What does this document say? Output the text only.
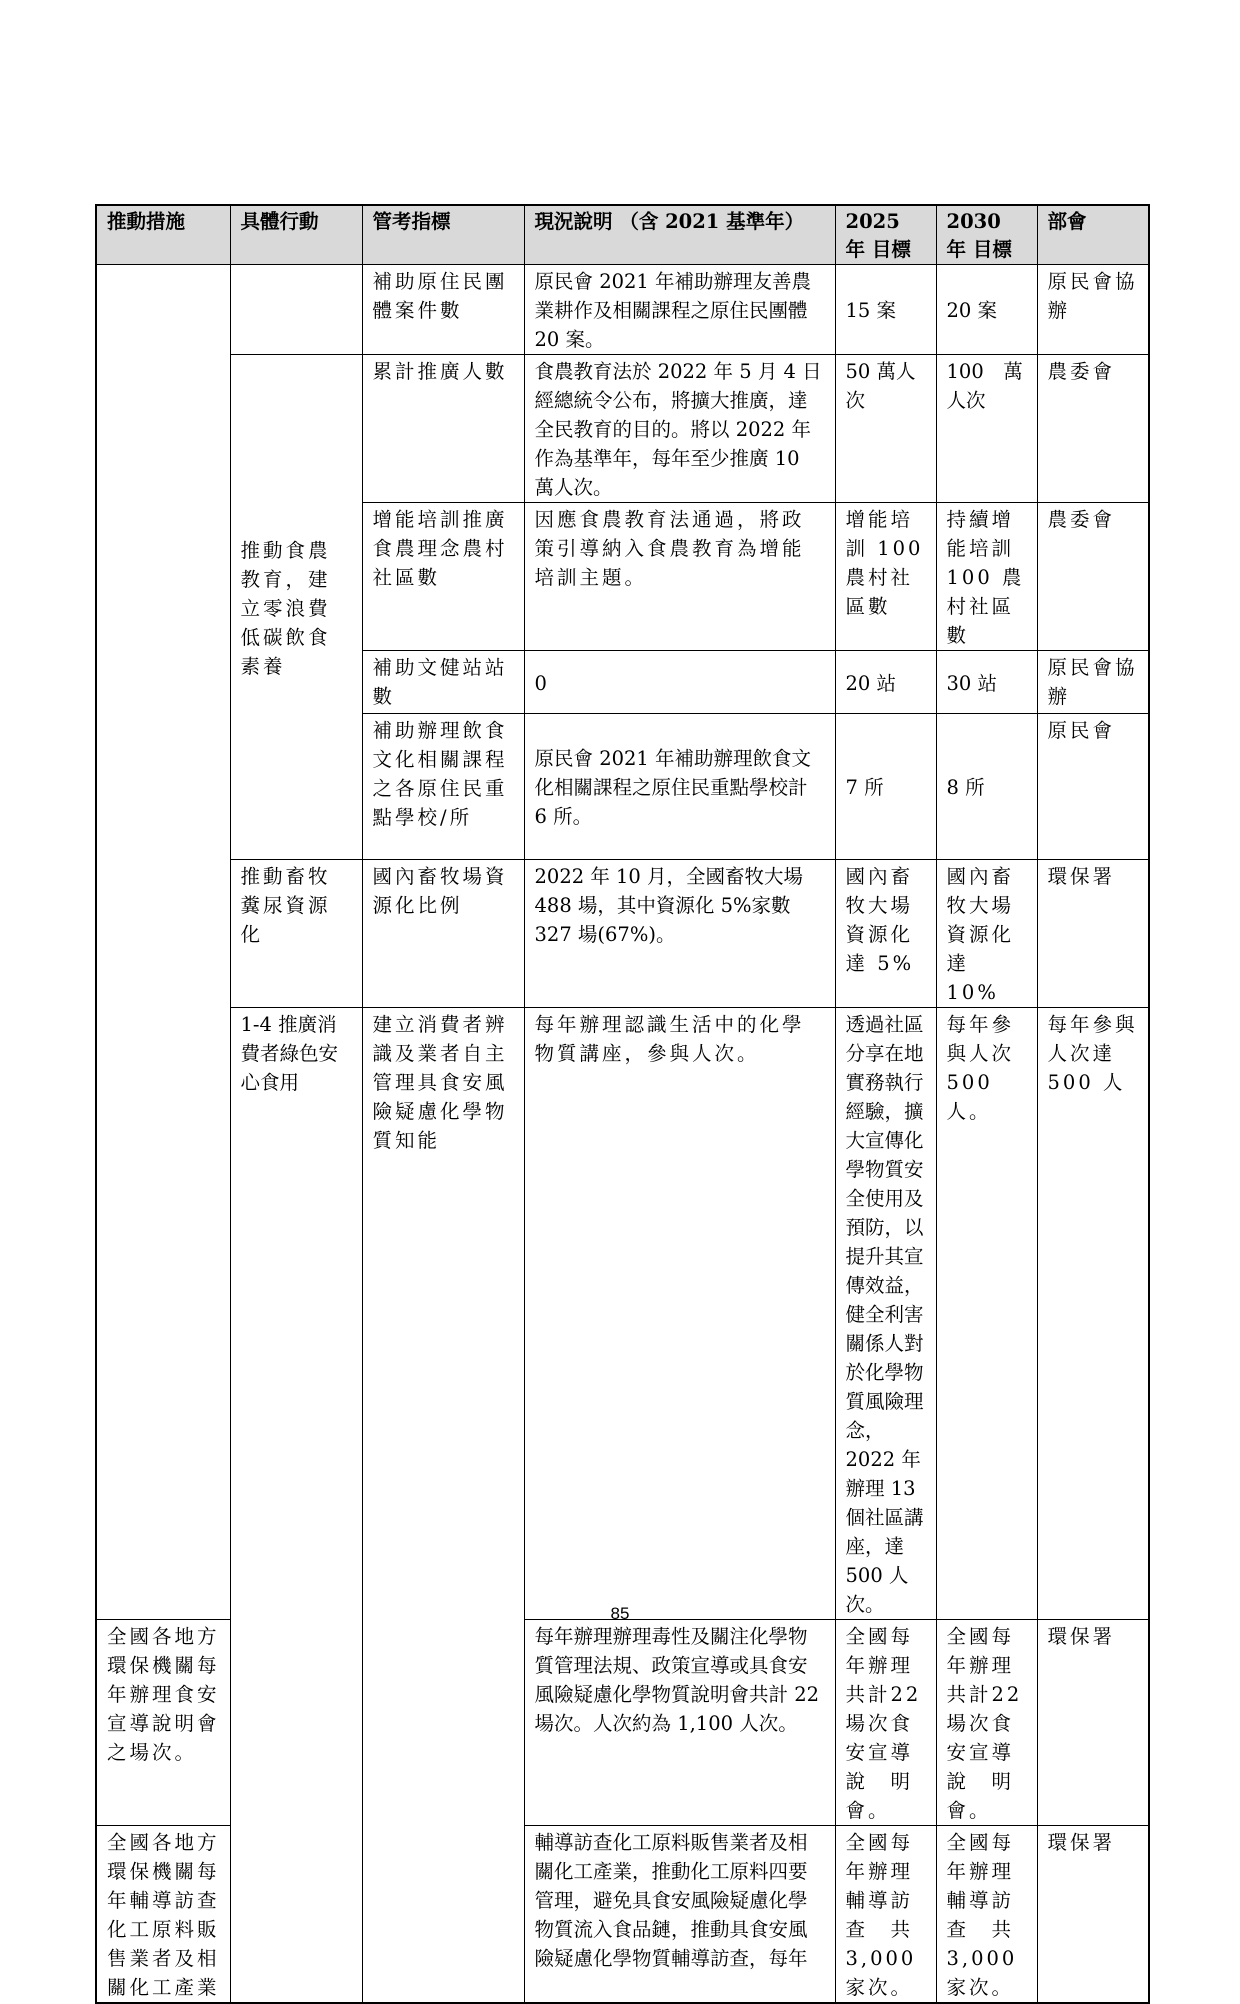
推動措施	具體行動	管考指標	現況說明 （含 2021 基準年）	2025　年 目標	2030　年 目標	部會	
		補助原住民團體案件數	原民會 2021 年補助辦理友善農業耕作及相關課程之原住民團體 20 案。	15 案	20 案	原民會協辦	
	推動食農教育，建立零浪費低碳飲食素養	累計推廣人數	食農教育法於 2022 年 5 月 4 日經總統令公布，將擴大推廣，達全民教育的目的。將以 2022 年作為基準年，每年至少推廣 10 萬人次。	50 萬人次	100　萬人次	農委會	
		增能培訓推廣食農理念農村社區數	因應食農教育法通過，將政策引導納入食農教育為增能培訓主題。	增能培訓 100 農村社區數	持續增能培訓 100 農村社區數	農委會	
		補助文健站站數	0	20 站	30 站	原民會協辦	
		補助辦理飲食文化相關課程之各原住民重點學校/所	原民會 2021 年補助辦理飲食文化相關課程之原住民重點學校計 6 所。	7 所	8 所	原民會	
	推動畜牧糞尿資源化	國內畜牧場資源化比例	2022 年 10 月，全國畜牧大場 488 場，其中資源化 5%家數 327 場(67%)。	國內畜牧大場資源化達 5%	國內畜牧大場資源化達 10%	環保署	
	1-4 推廣消費者綠色安心食用	建立消費者辨識及業者自主管理具食安風險疑慮化學物質知能	每年辦理認識生活中的化學物質講座，參與人次。	透過社區分享在地實務執行經驗，擴大宣傳化學物質安全使用及預防，以提升其宣傳效益，健全利害關係人對於化學物質風險理念，2022 年辦理 13 個社區講座，達 500 人次。	每年參與人次 500 人。	每年參與人次達　500 人	
全國各地方環保機關每年辦理食安宣導說明會之場次。			每年辦理辦理毒性及關注化學物質管理法規、政策宣導或具食安風險疑慮化學物質說明會共計 22 場次。人次約為 1,100 人次。	全國每年辦理共計22 場次食安宣導說　明會。	全國每年辦理共計22 場次食安宣導說　明會。	環保署	
全國各地方環保機關每年輔導訪查化工原料販售業者及相關化工產業			輔導訪查化工原料販售業者及相關化工產業，推動化工原料四要管理，避免具食安風險疑慮化學物質流入食品鏈，推動具食安風險疑慮化學物質輔導訪查，每年	全國每年辦理輔導訪查　共 3,000 家次。	全國每年辦理輔導訪查　共 3,000 家次。	環保署	
85
